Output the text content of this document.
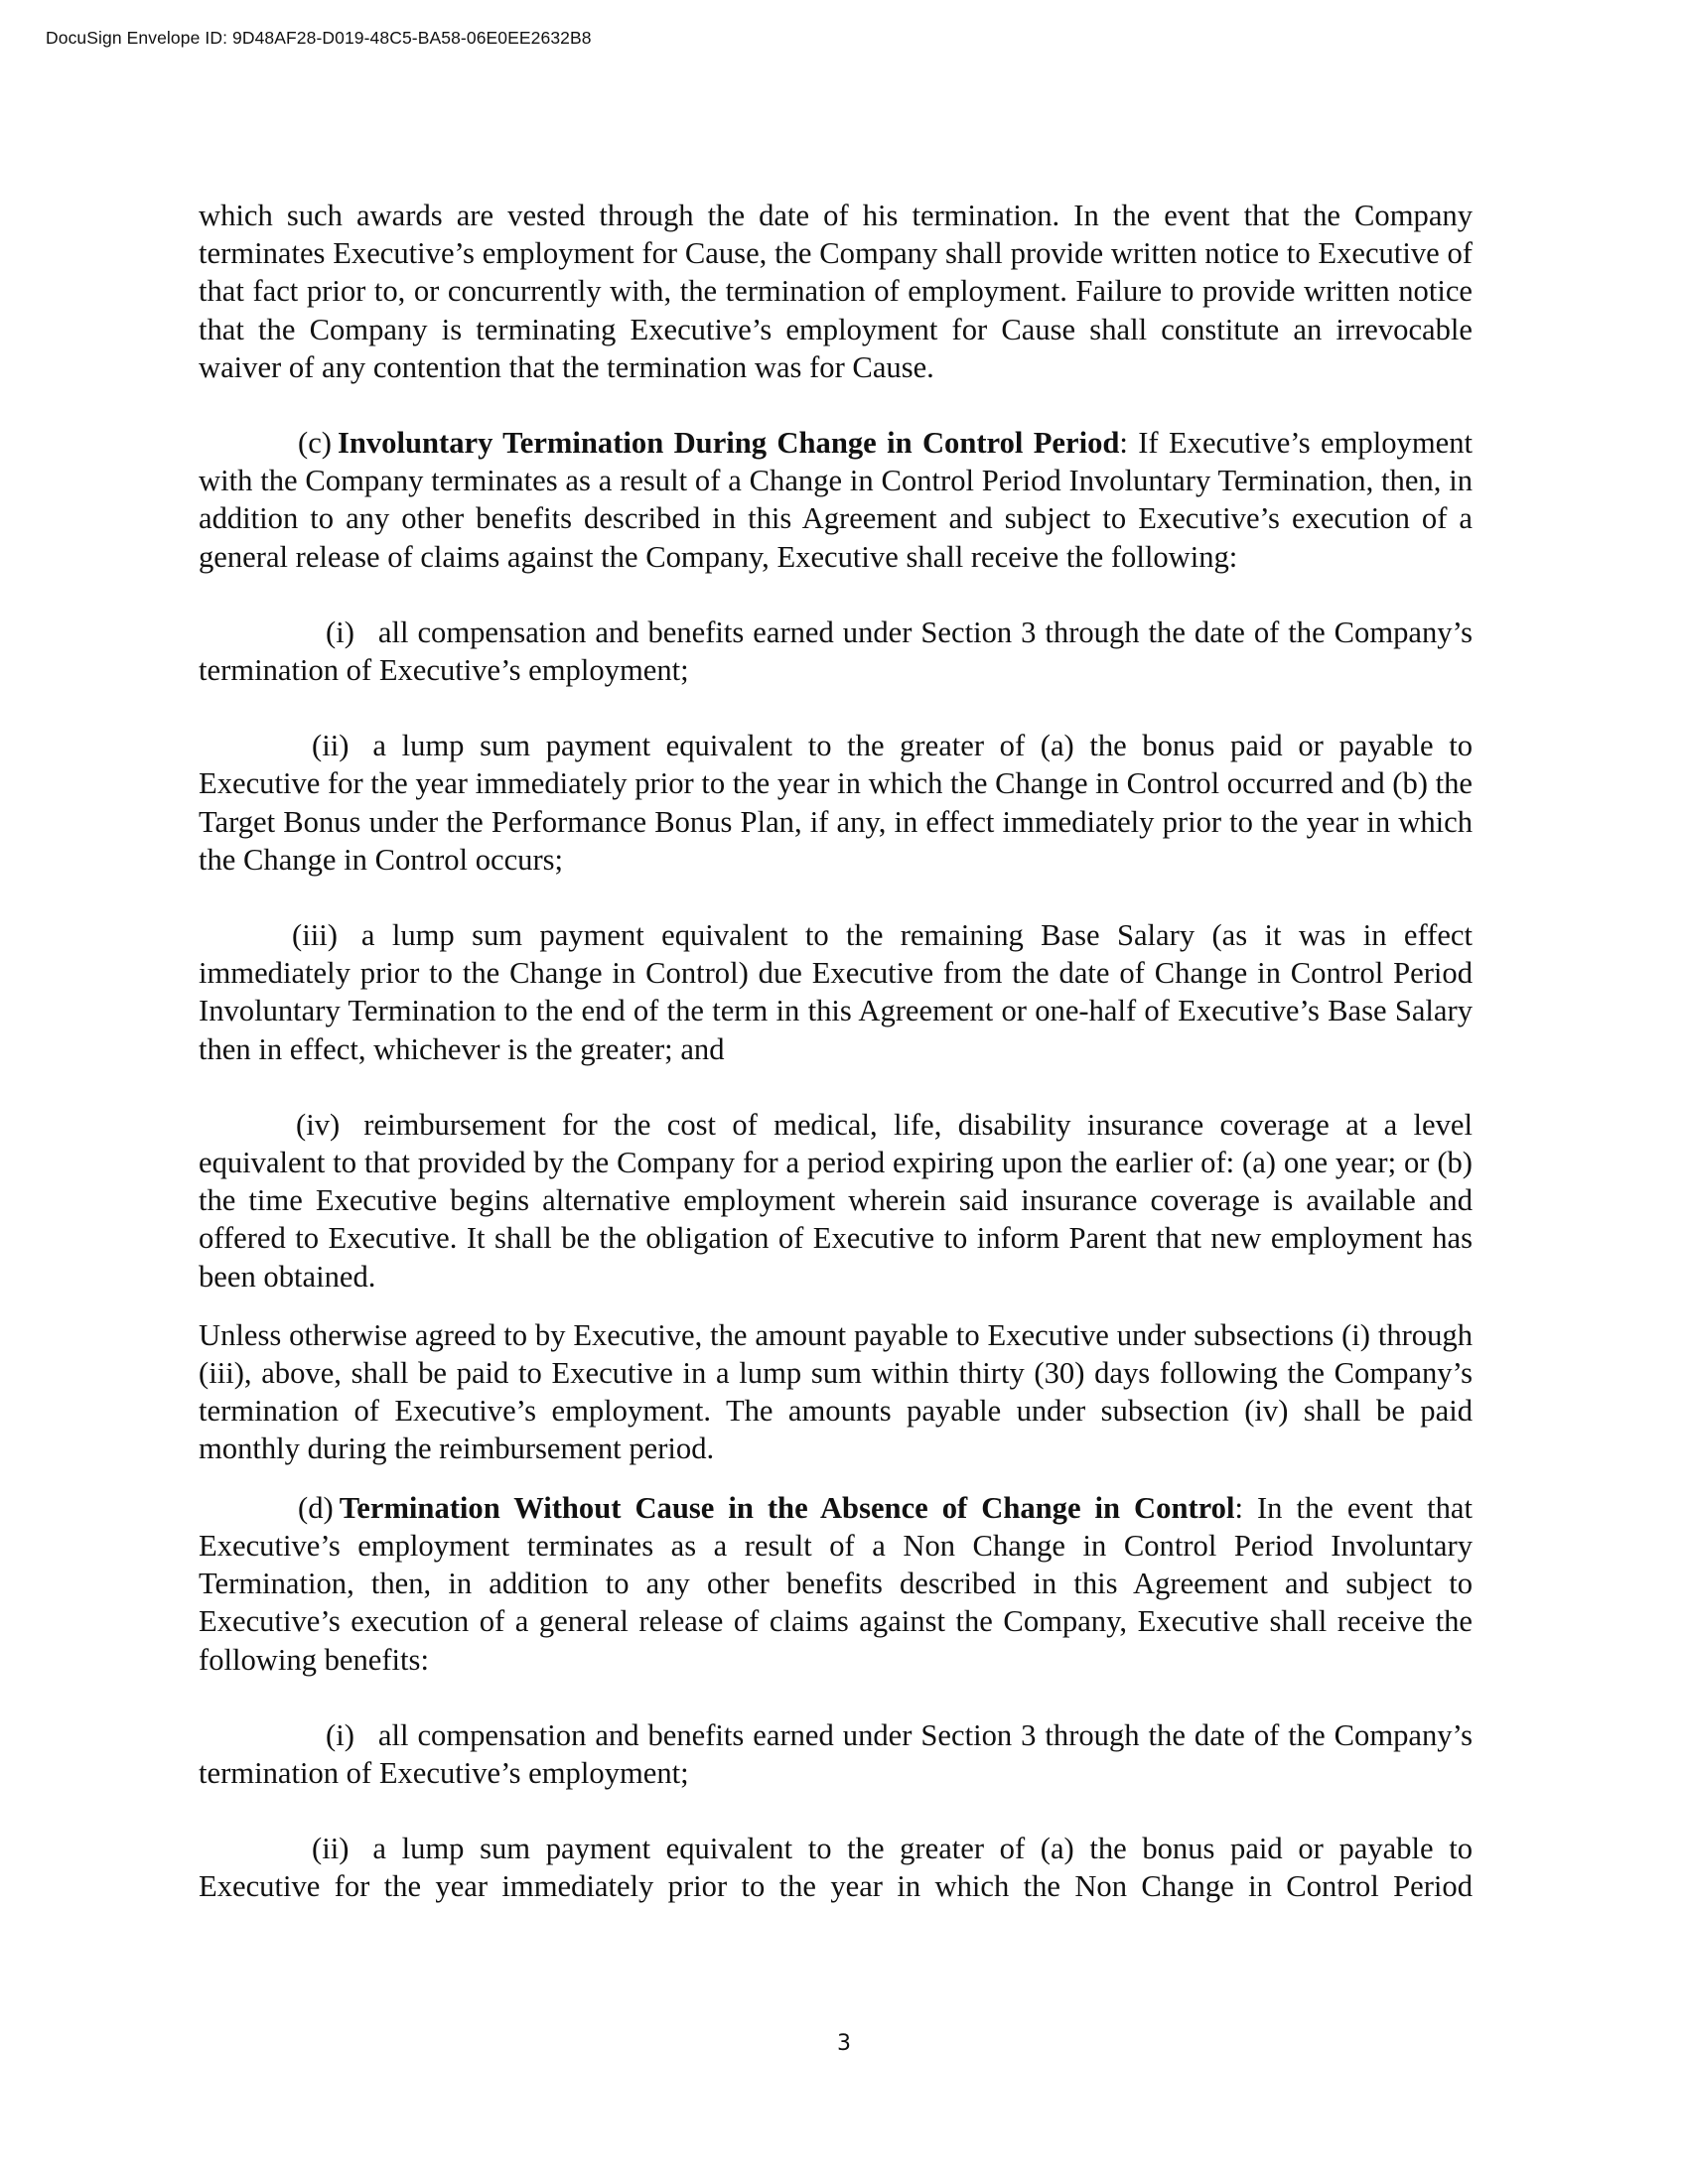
DocuSign Envelope ID: 9D48AF28-D019-48C5-BA58-06E0EE2632B8

which such awards are vested through the date of his termination. In the event that the Company terminates Executive’s employment for Cause, the Company shall provide written notice to Executive of that fact prior to, or concurrently with, the termination of employment. Failure to provide written notice that the Company is terminating Executive’s employment for Cause shall constitute an irrevocable waiver of any contention that the termination was for Cause.

(c) Involuntary Termination During Change in Control Period: If Executive’s employment with the Company terminates as a result of a Change in Control Period Involuntary Termination, then, in addition to any other benefits described in this Agreement and subject to Executive’s execution of a general release of claims against the Company, Executive shall receive the following:

(i) all compensation and benefits earned under Section 3 through the date of the Company’s termination of Executive’s employment;

(ii) a lump sum payment equivalent to the greater of (a) the bonus paid or payable to Executive for the year immediately prior to the year in which the Change in Control occurred and (b) the Target Bonus under the Performance Bonus Plan, if any, in effect immediately prior to the year in which the Change in Control occurs;

(iii) a lump sum payment equivalent to the remaining Base Salary (as it was in effect immediately prior to the Change in Control) due Executive from the date of Change in Control Period Involuntary Termination to the end of the term in this Agreement or one-half of Executive’s Base Salary then in effect, whichever is the greater; and

(iv) reimbursement for the cost of medical, life, disability insurance coverage at a level equivalent to that provided by the Company for a period expiring upon the earlier of: (a) one year; or (b) the time Executive begins alternative employment wherein said insurance coverage is available and offered to Executive. It shall be the obligation of Executive to inform Parent that new employment has been obtained.

Unless otherwise agreed to by Executive, the amount payable to Executive under subsections (i) through (iii), above, shall be paid to Executive in a lump sum within thirty (30) days following the Company’s termination of Executive’s employment. The amounts payable under subsection (iv) shall be paid monthly during the reimbursement period.

(d) Termination Without Cause in the Absence of Change in Control: In the event that Executive’s employment terminates as a result of a Non Change in Control Period Involuntary Termination, then, in addition to any other benefits described in this Agreement and subject to Executive’s execution of a general release of claims against the Company, Executive shall receive the following benefits:

(i) all compensation and benefits earned under Section 3 through the date of the Company’s termination of Executive’s employment;

(ii) a lump sum payment equivalent to the greater of (a) the bonus paid or payable to Executive for the year immediately prior to the year in which the Non Change in Control Period

3
